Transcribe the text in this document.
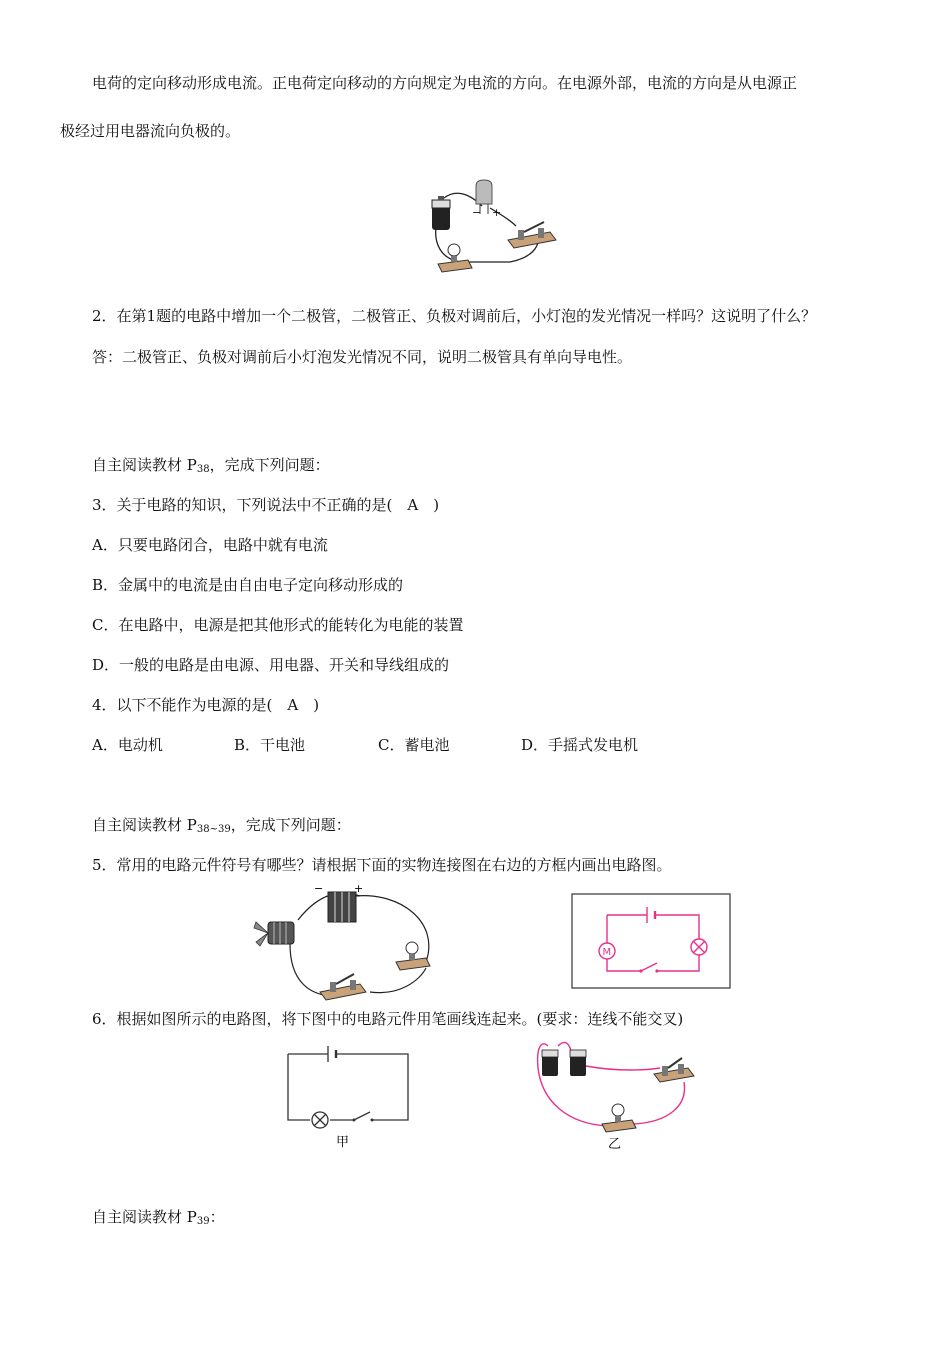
电荷的定向移动形成电流。正电荷定向移动的方向规定为电流的方向。在电源外部，电流的方向是从电源正
极经过用电器流向负极的。
− +
2．在第1题的电路中增加一个二极管，二极管正、负极对调前后，小灯泡的发光情况一样吗？这说明了什么？
答：二极管正、负极对调前后小灯泡发光情况不同，说明二极管具有单向导电性。
自主阅读教材 $P_{38}$，完成下列问题：
3．关于电路的知识，下列说法中不正确的是(　A　)
A．只要电路闭合，电路中就有电流
B．金属中的电流是由自由电子定向移动形成的
C．在电路中，电源是把其他形式的能转化为电能的装置
D．一般的电路是由电源、用电器、开关和导线组成的
4．以下不能作为电源的是(　A　)
A．电动机	B．干电池	C．蓄电池	D．手摇式发电机
自主阅读教材 $P_{38\sim 39}$，完成下列问题：
5．常用的电路元件符号有哪些？请根据下面的实物连接图在右边的方框内画出电路图。
−	+
M
6．根据如图所示的电路图，将下图中的电路元件用笔画线连起来。(要求：连线不能交叉)
甲	乙
自主阅读教材 $P_{39}$：
